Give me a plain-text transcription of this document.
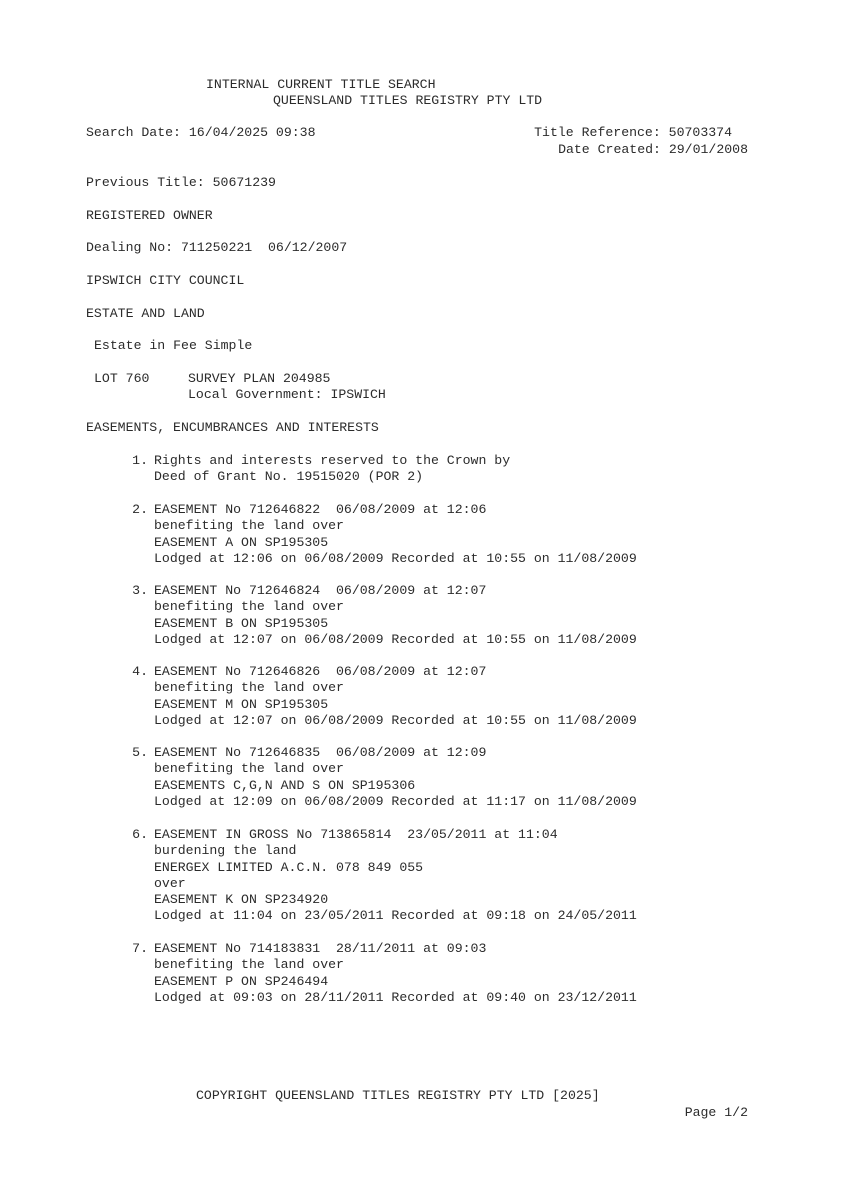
INTERNAL CURRENT TITLE SEARCH
QUEENSLAND TITLES REGISTRY PTY LTD
Search Date: 16/04/2025 09:38	Title Reference: 50703374
Date Created: 29/01/2008
Previous Title: 50671239
REGISTERED OWNER
Dealing No: 711250221  06/12/2007
IPSWICH CITY COUNCIL
ESTATE AND LAND
Estate in Fee Simple
LOT 760	SURVEY PLAN 204985
Local Government: IPSWICH
EASEMENTS, ENCUMBRANCES AND INTERESTS
1. Rights and interests reserved to the Crown by
Deed of Grant No. 19515020 (POR 2)
2. EASEMENT No 712646822  06/08/2009 at 12:06
benefiting the land over
EASEMENT A ON SP195305
Lodged at 12:06 on 06/08/2009 Recorded at 10:55 on 11/08/2009
3. EASEMENT No 712646824  06/08/2009 at 12:07
benefiting the land over
EASEMENT B ON SP195305
Lodged at 12:07 on 06/08/2009 Recorded at 10:55 on 11/08/2009
4. EASEMENT No 712646826  06/08/2009 at 12:07
benefiting the land over
EASEMENT M ON SP195305
Lodged at 12:07 on 06/08/2009 Recorded at 10:55 on 11/08/2009
5. EASEMENT No 712646835  06/08/2009 at 12:09
benefiting the land over
EASEMENTS C,G,N AND S ON SP195306
Lodged at 12:09 on 06/08/2009 Recorded at 11:17 on 11/08/2009
6. EASEMENT IN GROSS No 713865814  23/05/2011 at 11:04
burdening the land
ENERGEX LIMITED A.C.N. 078 849 055
over
EASEMENT K ON SP234920
Lodged at 11:04 on 23/05/2011 Recorded at 09:18 on 24/05/2011
7. EASEMENT No 714183831  28/11/2011 at 09:03
benefiting the land over
EASEMENT P ON SP246494
Lodged at 09:03 on 28/11/2011 Recorded at 09:40 on 23/12/2011
COPYRIGHT QUEENSLAND TITLES REGISTRY PTY LTD [2025]
Page 1/2
